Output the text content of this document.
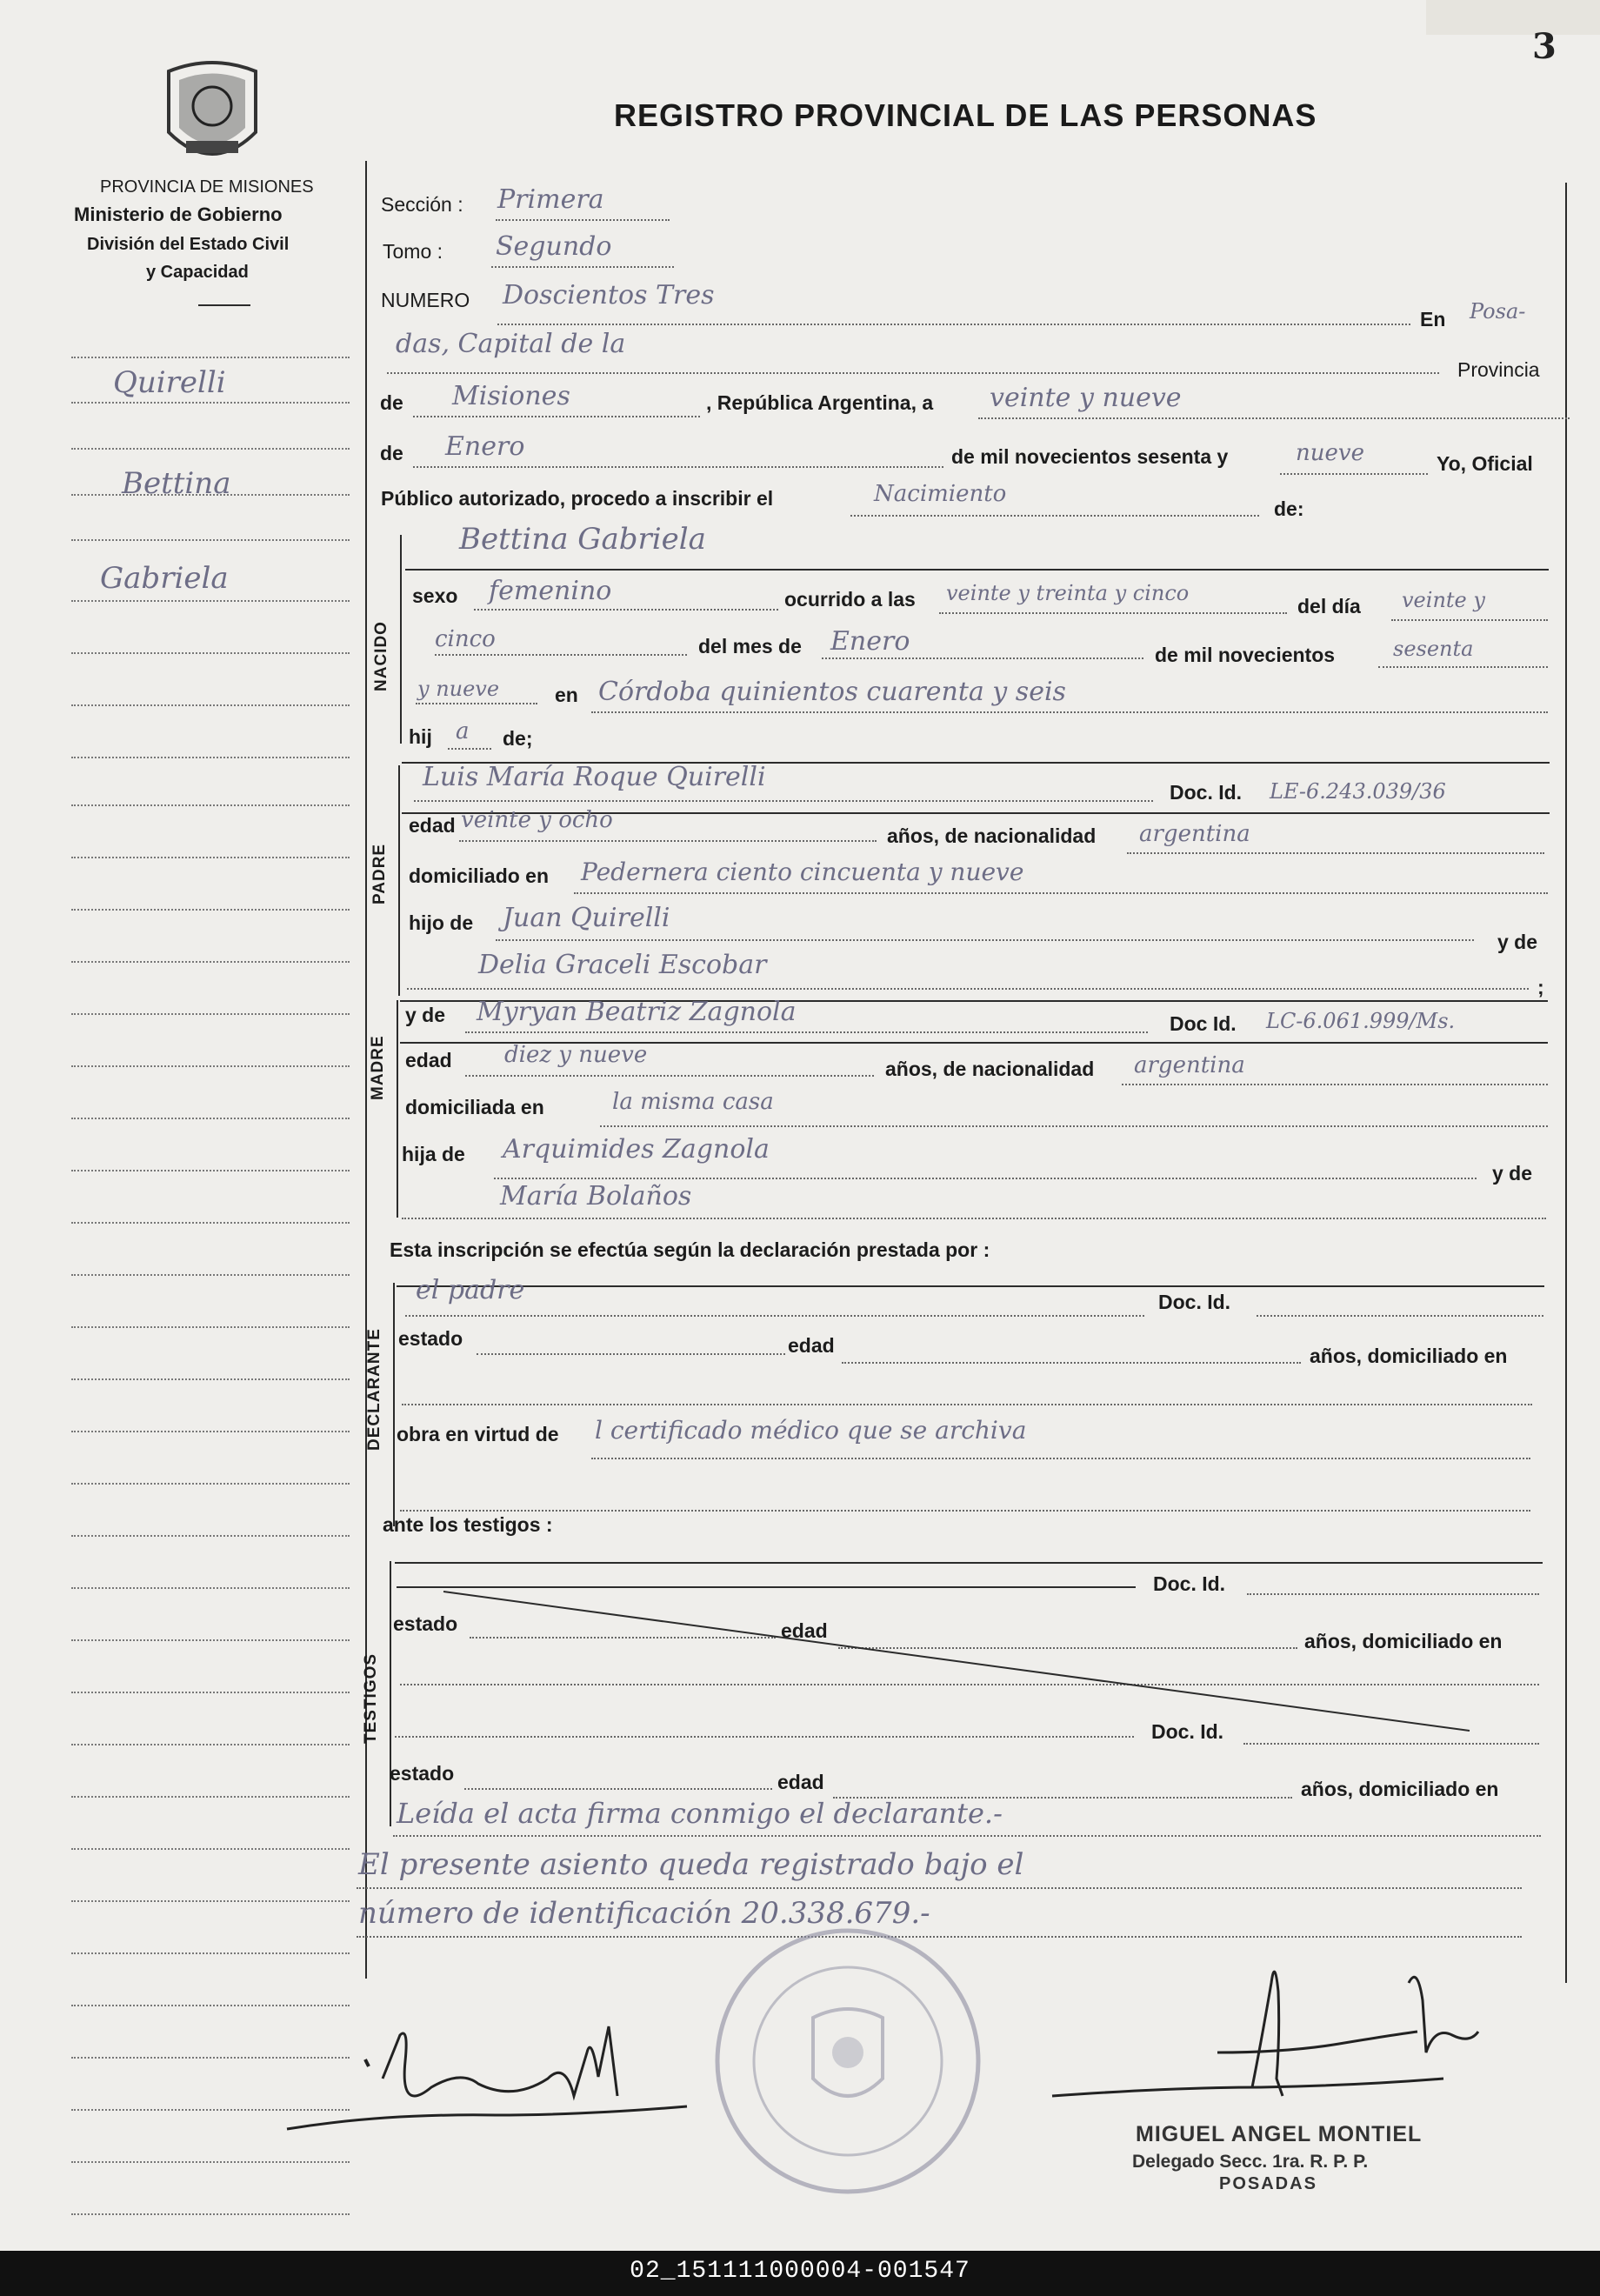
3
REGISTRO PROVINCIAL DE LAS PERSONAS
PROVINCIA DE MISIONES
Ministerio de Gobierno
División del Estado Civil
y Capacidad
Quirelli
Bettina
Gabriela
NACIDO
PADRE
MADRE
DECLARANTE
TESTIGOS
Sección : Primera
Tomo : Segundo
NUMERO Doscientos Tres
En Posa-
das, Capital de la
Provincia
de Misiones	, República Argentina, a veinte y nueve
de Enero	de mil novecientos sesenta y	nueve	Yo, Oficial
Público autorizado, procedo a inscribir el	Nacimiento
de:
Bettina Gabriela
sexo femenino	ocurrido a las veinte y treinta y cinco
del día veinte y
cinco	del mes de Enero	de mil novecientos	sesenta
y nueve	en Córdoba quinientos cuarenta y seis
hij a de;
Luis María Roque Quirelli	Doc. Id. LE-6.243.039/36
edad veinte y ocho
años, de nacionalidad argentina
domiciliado en Pedernera ciento cincuenta y nueve
hijo de Juan Quirelli
y de
Delia Graceli Escobar
;
y de Myryan Beatriz Zagnola	Doc Id. LC-6.061.999/Ms.
edad diez y nueve
años, de nacionalidad argentina
domiciliada en	la misma casa
hija de Arquimides Zagnola
y de
María Bolaños
Esta inscripción se efectúa según la declaración prestada por :
el padre	Doc. Id.
estado	edad	años, domiciliado en
obra en virtud de l certificado médico que se archiva
ante los testigos :
Doc. Id.
estado	edad	años, domiciliado en
Doc. Id.
estado	edad	años, domiciliado en
Leída el acta firma conmigo el declarante.-
El presente asiento queda registrado bajo el
número de identificación 20.338.679.-
MIGUEL ANGEL MONTIEL
Delegado Secc. 1ra. R. P. P.
POSADAS
02_151111000004-001547
